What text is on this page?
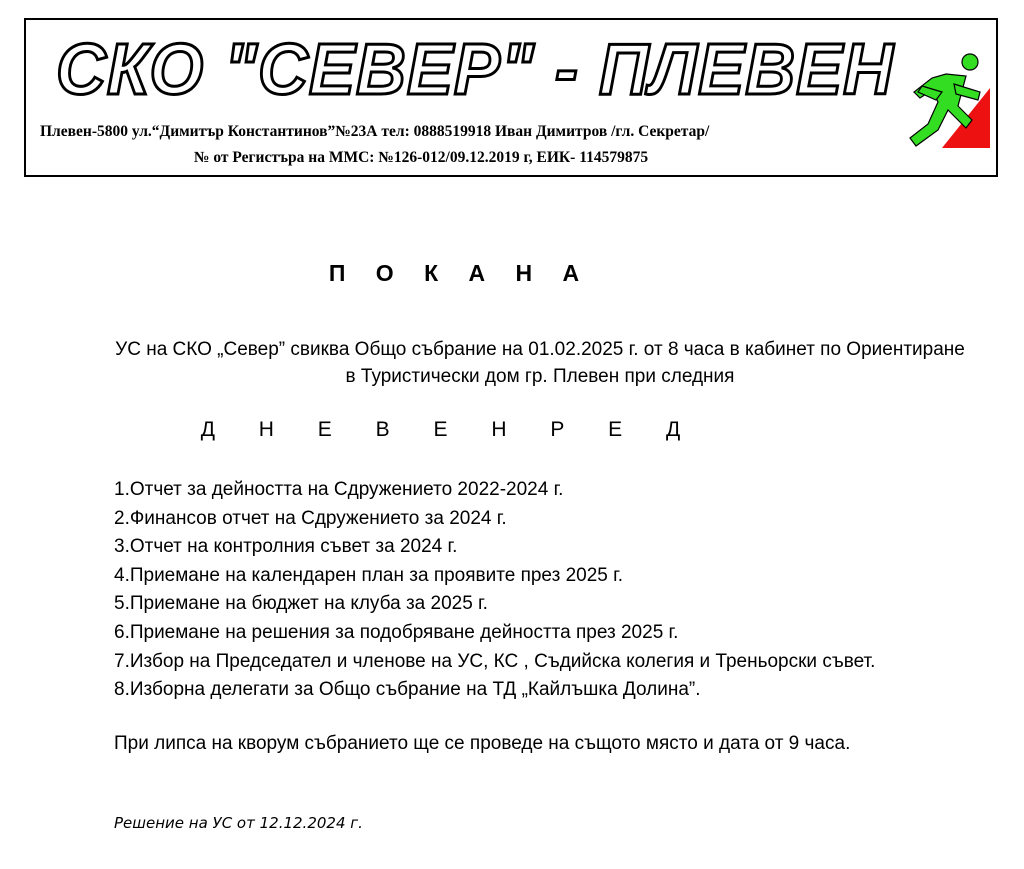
СКО "СЕВЕР" - ПЛЕВЕН
Плевен-5800 ул.“Димитър Константинов”№23А тел: 0888519918 Иван Димитров /гл. Секретар/
№ от Регистъра на ММС: №126-012/09.12.2019 г, ЕИК- 114579875
П О К А Н А
УС на СКО „Север” свиква Общо събрание на 01.02.2025 г. от 8 часа в кабинет по Ориентиране в Туристически дом гр. Плевен при следния
Д Н Е В Е Н Р Е Д
1.Отчет за дейността на Сдружението 2022-2024 г.
2.Финансов отчет на Сдружението за 2024 г.
3.Отчет на контролния съвет за 2024 г.
4.Приемане на календарен план за проявите през 2025 г.
5.Приемане на бюджет на клуба за 2025 г.
6.Приемане на решения за подобряване дейността през 2025 г.
7.Избор на Председател и членове на УС, КС , Съдийска колегия и Треньорски съвет.
8.Изборна делегати за Общо събрание на ТД „Кайлъшка Долина”.
При липса на кворум събранието ще се проведе на същото място и дата от 9 часа.
Решение на УС от 12.12.2024 г.
